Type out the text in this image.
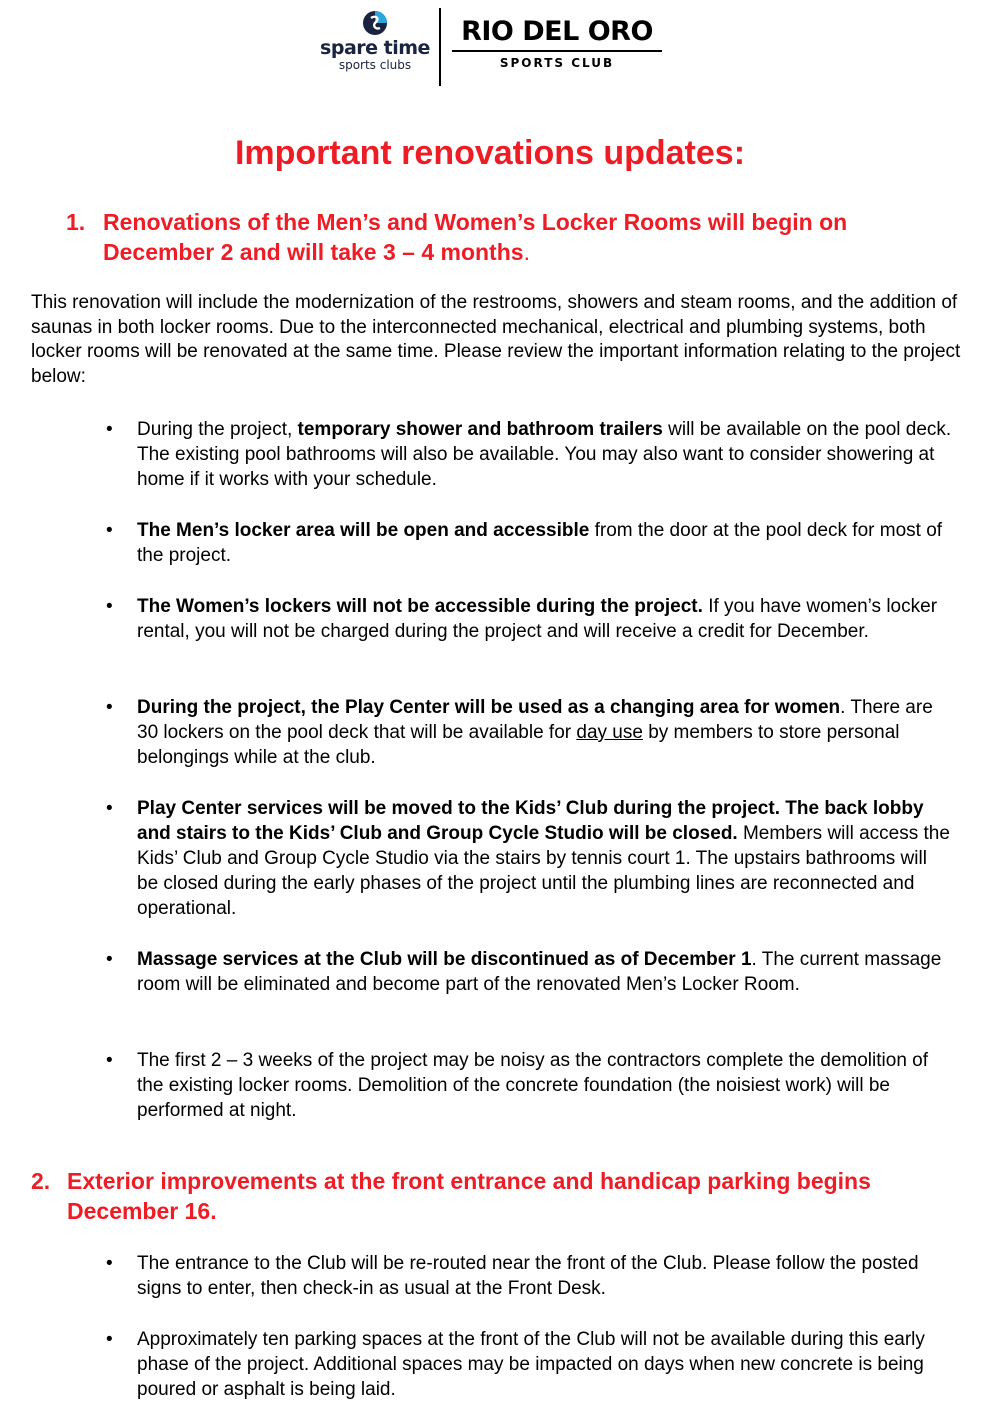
spare time
sports clubs
RIO DEL ORO
SPORTS CLUB
Important renovations updates:
1. Renovations of the Men’s and Women’s Locker Rooms will begin on December 2 and will take 3 – 4 months.
This renovation will include the modernization of the restrooms, showers and steam rooms, and the addition of saunas in both locker rooms. Due to the interconnected mechanical, electrical and plumbing systems, both locker rooms will be renovated at the same time. Please review the important information relating to the project below:
•	During the project, temporary shower and bathroom trailers will be available on the pool deck. The existing pool bathrooms will also be available. You may also want to consider showering at home if it works with your schedule.
•	The Men’s locker area will be open and accessible from the door at the pool deck for most of the project.
•	The Women’s lockers will not be accessible during the project. If you have women’s locker rental, you will not be charged during the project and will receive a credit for December.
•	During the project, the Play Center will be used as a changing area for women. There are 30 lockers on the pool deck that will be available for day use by members to store personal belongings while at the club.
•	Play Center services will be moved to the Kids’ Club during the project. The back lobby and stairs to the Kids’ Club and Group Cycle Studio will be closed. Members will access the Kids’ Club and Group Cycle Studio via the stairs by tennis court 1. The upstairs bathrooms will be closed during the early phases of the project until the plumbing lines are reconnected and operational.
•	Massage services at the Club will be discontinued as of December 1. The current massage room will be eliminated and become part of the renovated Men’s Locker Room.
•	The first 2 – 3 weeks of the project may be noisy as the contractors complete the demolition of the existing locker rooms. Demolition of the concrete foundation (the noisiest work) will be performed at night.
2. Exterior improvements at the front entrance and handicap parking begins December 16.
•	The entrance to the Club will be re-routed near the front of the Club. Please follow the posted signs to enter, then check-in as usual at the Front Desk.
•	Approximately ten parking spaces at the front of the Club will not be available during this early phase of the project. Additional spaces may be impacted on days when new concrete is being poured or asphalt is being laid.
